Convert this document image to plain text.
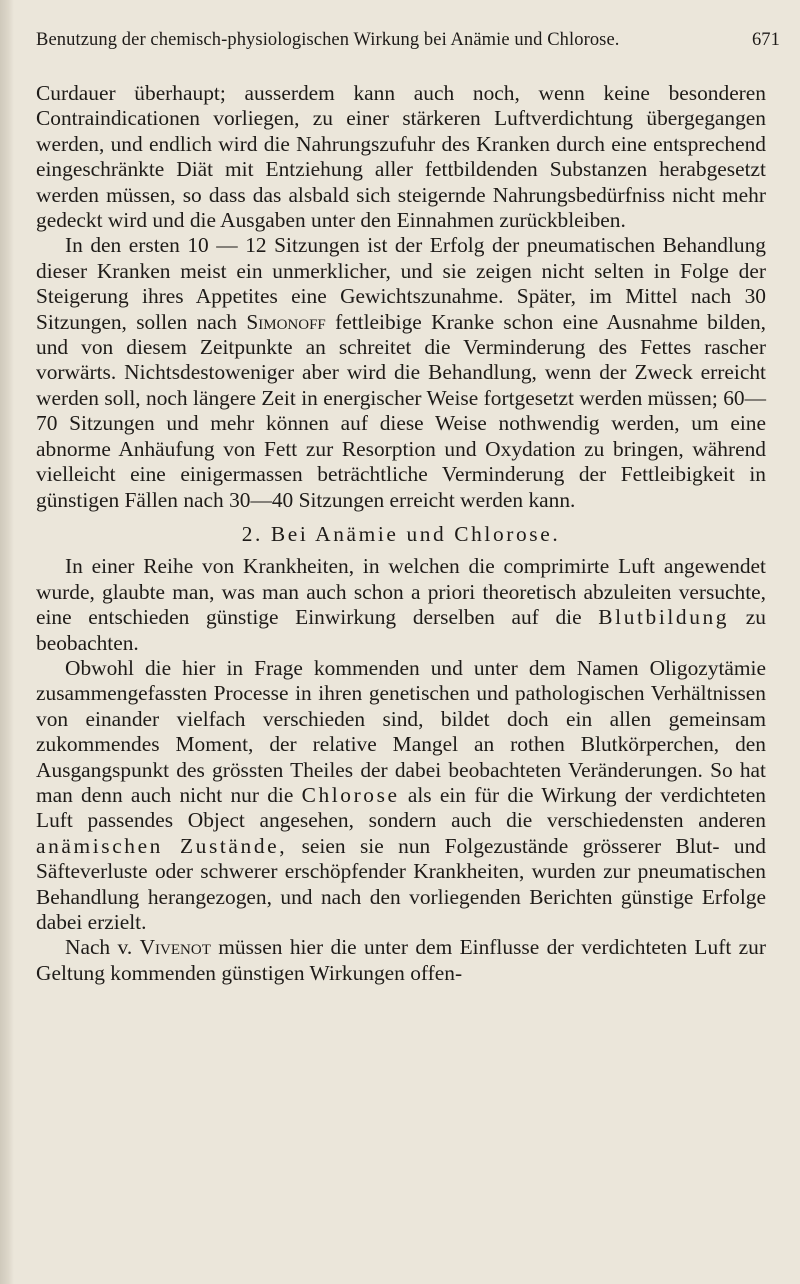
Benutzung der chemisch-physiologischen Wirkung bei Anämie und Chlorose.	671

Curdauer überhaupt; ausserdem kann auch noch, wenn keine besonderen Contraindicationen vorliegen, zu einer stärkeren Luftverdichtung übergegangen werden, und endlich wird die Nahrungszufuhr des Kranken durch eine entsprechend eingeschränkte Diät mit Entziehung aller fettbildenden Substanzen herabgesetzt werden müssen, so dass das alsbald sich steigernde Nahrungsbedürfniss nicht mehr gedeckt wird und die Ausgaben unter den Einnahmen zurückbleiben.

In den ersten 10 — 12 Sitzungen ist der Erfolg der pneumatischen Behandlung dieser Kranken meist ein unmerklicher, und sie zeigen nicht selten in Folge der Steigerung ihres Appetites eine Gewichtszunahme. Später, im Mittel nach 30 Sitzungen, sollen nach Simonoff fettleibige Kranke schon eine Ausnahme bilden, und von diesem Zeitpunkte an schreitet die Verminderung des Fettes rascher vorwärts. Nichtsdestoweniger aber wird die Behandlung, wenn der Zweck erreicht werden soll, noch längere Zeit in energischer Weise fortgesetzt werden müssen; 60—70 Sitzungen und mehr können auf diese Weise nothwendig werden, um eine abnorme Anhäufung von Fett zur Resorption und Oxydation zu bringen, während vielleicht eine einigermassen beträchtliche Verminderung der Fettleibigkeit in günstigen Fällen nach 30—40 Sitzungen erreicht werden kann.

2. Bei Anämie und Chlorose.

In einer Reihe von Krankheiten, in welchen die comprimirte Luft angewendet wurde, glaubte man, was man auch schon a priori theoretisch abzuleiten versuchte, eine entschieden günstige Einwirkung derselben auf die Blutbildung zu beobachten.

Obwohl die hier in Frage kommenden und unter dem Namen Oligozytämie zusammengefassten Processe in ihren genetischen und pathologischen Verhältnissen von einander vielfach verschieden sind, bildet doch ein allen gemeinsam zukommendes Moment, der relative Mangel an rothen Blutkörperchen, den Ausgangspunkt des grössten Theiles der dabei beobachteten Veränderungen. So hat man denn auch nicht nur die Chlorose als ein für die Wirkung der verdichteten Luft passendes Object angesehen, sondern auch die verschiedensten anderen anämischen Zustände, seien sie nun Folgezustände grösserer Blut- und Säfteverluste oder schwerer erschöpfender Krankheiten, wurden zur pneumatischen Behandlung herangezogen, und nach den vorliegenden Berichten günstige Erfolge dabei erzielt.

Nach v. Vivenot müssen hier die unter dem Einflusse der verdichteten Luft zur Geltung kommenden günstigen Wirkungen offen-
